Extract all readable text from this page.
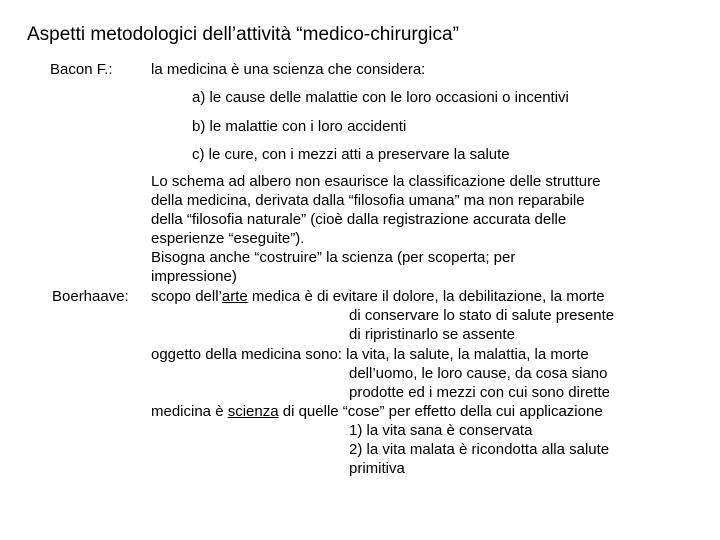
Aspetti metodologici dell’attività “medico-chirurgica”
Bacon F.:	la medicina è una scienza che considera:
a) le cause delle malattie con le loro occasioni o incentivi
b) le malattie con i loro accidenti
c) le cure, con i mezzi atti a preservare la salute
Lo schema ad albero non esaurisce la classificazione delle strutture
della medicina, derivata dalla “filosofia umana” ma non reparabile
della “filosofia naturale” (cioè dalla registrazione accurata delle
esperienze “eseguite”).
Bisogna anche “costruire” la scienza (per scoperta; per
impressione)
Boerhaave: scopo dell’arte medica è di evitare il dolore, la debilitazione, la morte
di conservare lo stato di salute presente
di ripristinarlo se assente
oggetto della medicina sono: la vita, la salute, la malattia, la morte
dell’uomo, le loro cause, da cosa siano
prodotte ed i mezzi con cui sono dirette
medicina è scienza di quelle “cose” per effetto della cui applicazione
1) la vita sana è conservata
2) la vita malata è ricondotta alla salute
primitiva
